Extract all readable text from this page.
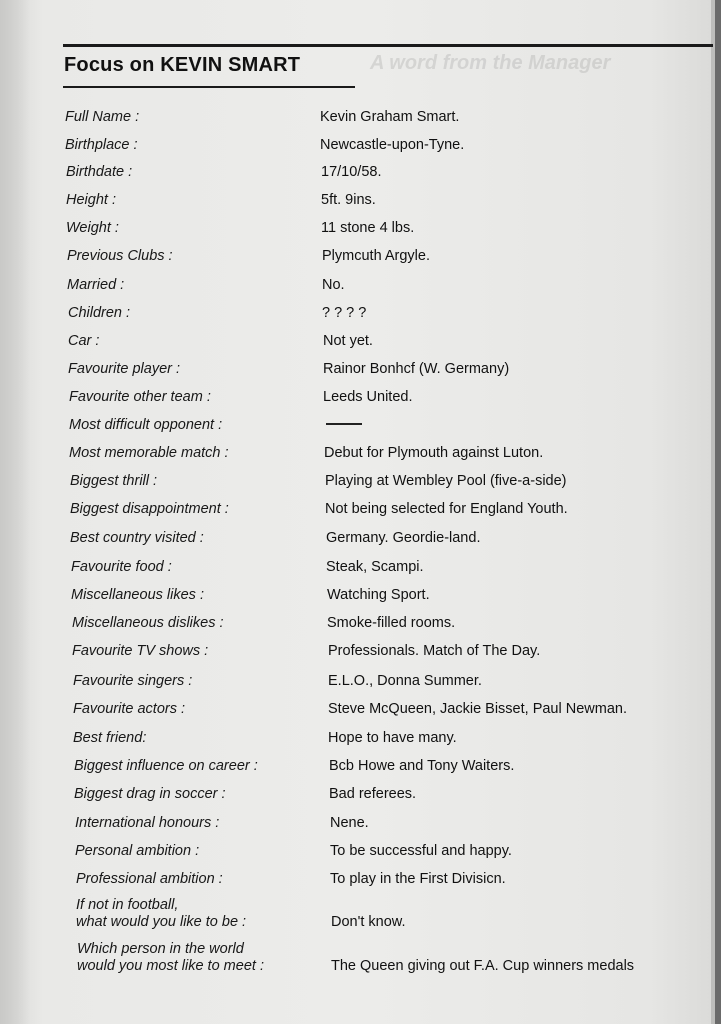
A word from the Manager
Focus on KEVIN SMART
Full Name :	Kevin Graham Smart.
Birthplace :	Newcastle-upon-Tyne.
Birthdate :	17/10/58.
Height :	5ft. 9ins.
Weight :	11 stone 4 lbs.
Previous Clubs :	Plymcuth Argyle.
Married :	No.
Children :	? ? ? ?
Car :	Not yet.
Favourite player :	Rainor Bonhcf (W. Germany)
Favourite other team :	Leeds United.
Most difficult opponent :
Most memorable match :	Debut for Plymouth against Luton.
Biggest thrill :	Playing at Wembley Pool (five-a-side)
Biggest disappointment :	Not being selected for England Youth.
Best country visited :	Germany. Geordie-land.
Favourite food :	Steak, Scampi.
Miscellaneous likes :	Watching Sport.
Miscellaneous dislikes :	Smoke-filled rooms.
Favourite TV shows :	Professionals. Match of The Day.
Favourite singers :	E.L.O., Donna Summer.
Favourite actors :	Steve McQueen, Jackie Bisset, Paul Newman.
Best friend:	Hope to have many.
Biggest influence on career :	Bcb Howe and Tony Waiters.
Biggest drag in soccer :	Bad referees.
International honours :	Nene.
Personal ambition :	To be successful and happy.
Professional ambition :	To play in the First Divisicn.
If not in football,
what would you like to be :	Don't know.
Which person in the world
would you most like to meet :	The Queen giving out F.A. Cup winners medals
